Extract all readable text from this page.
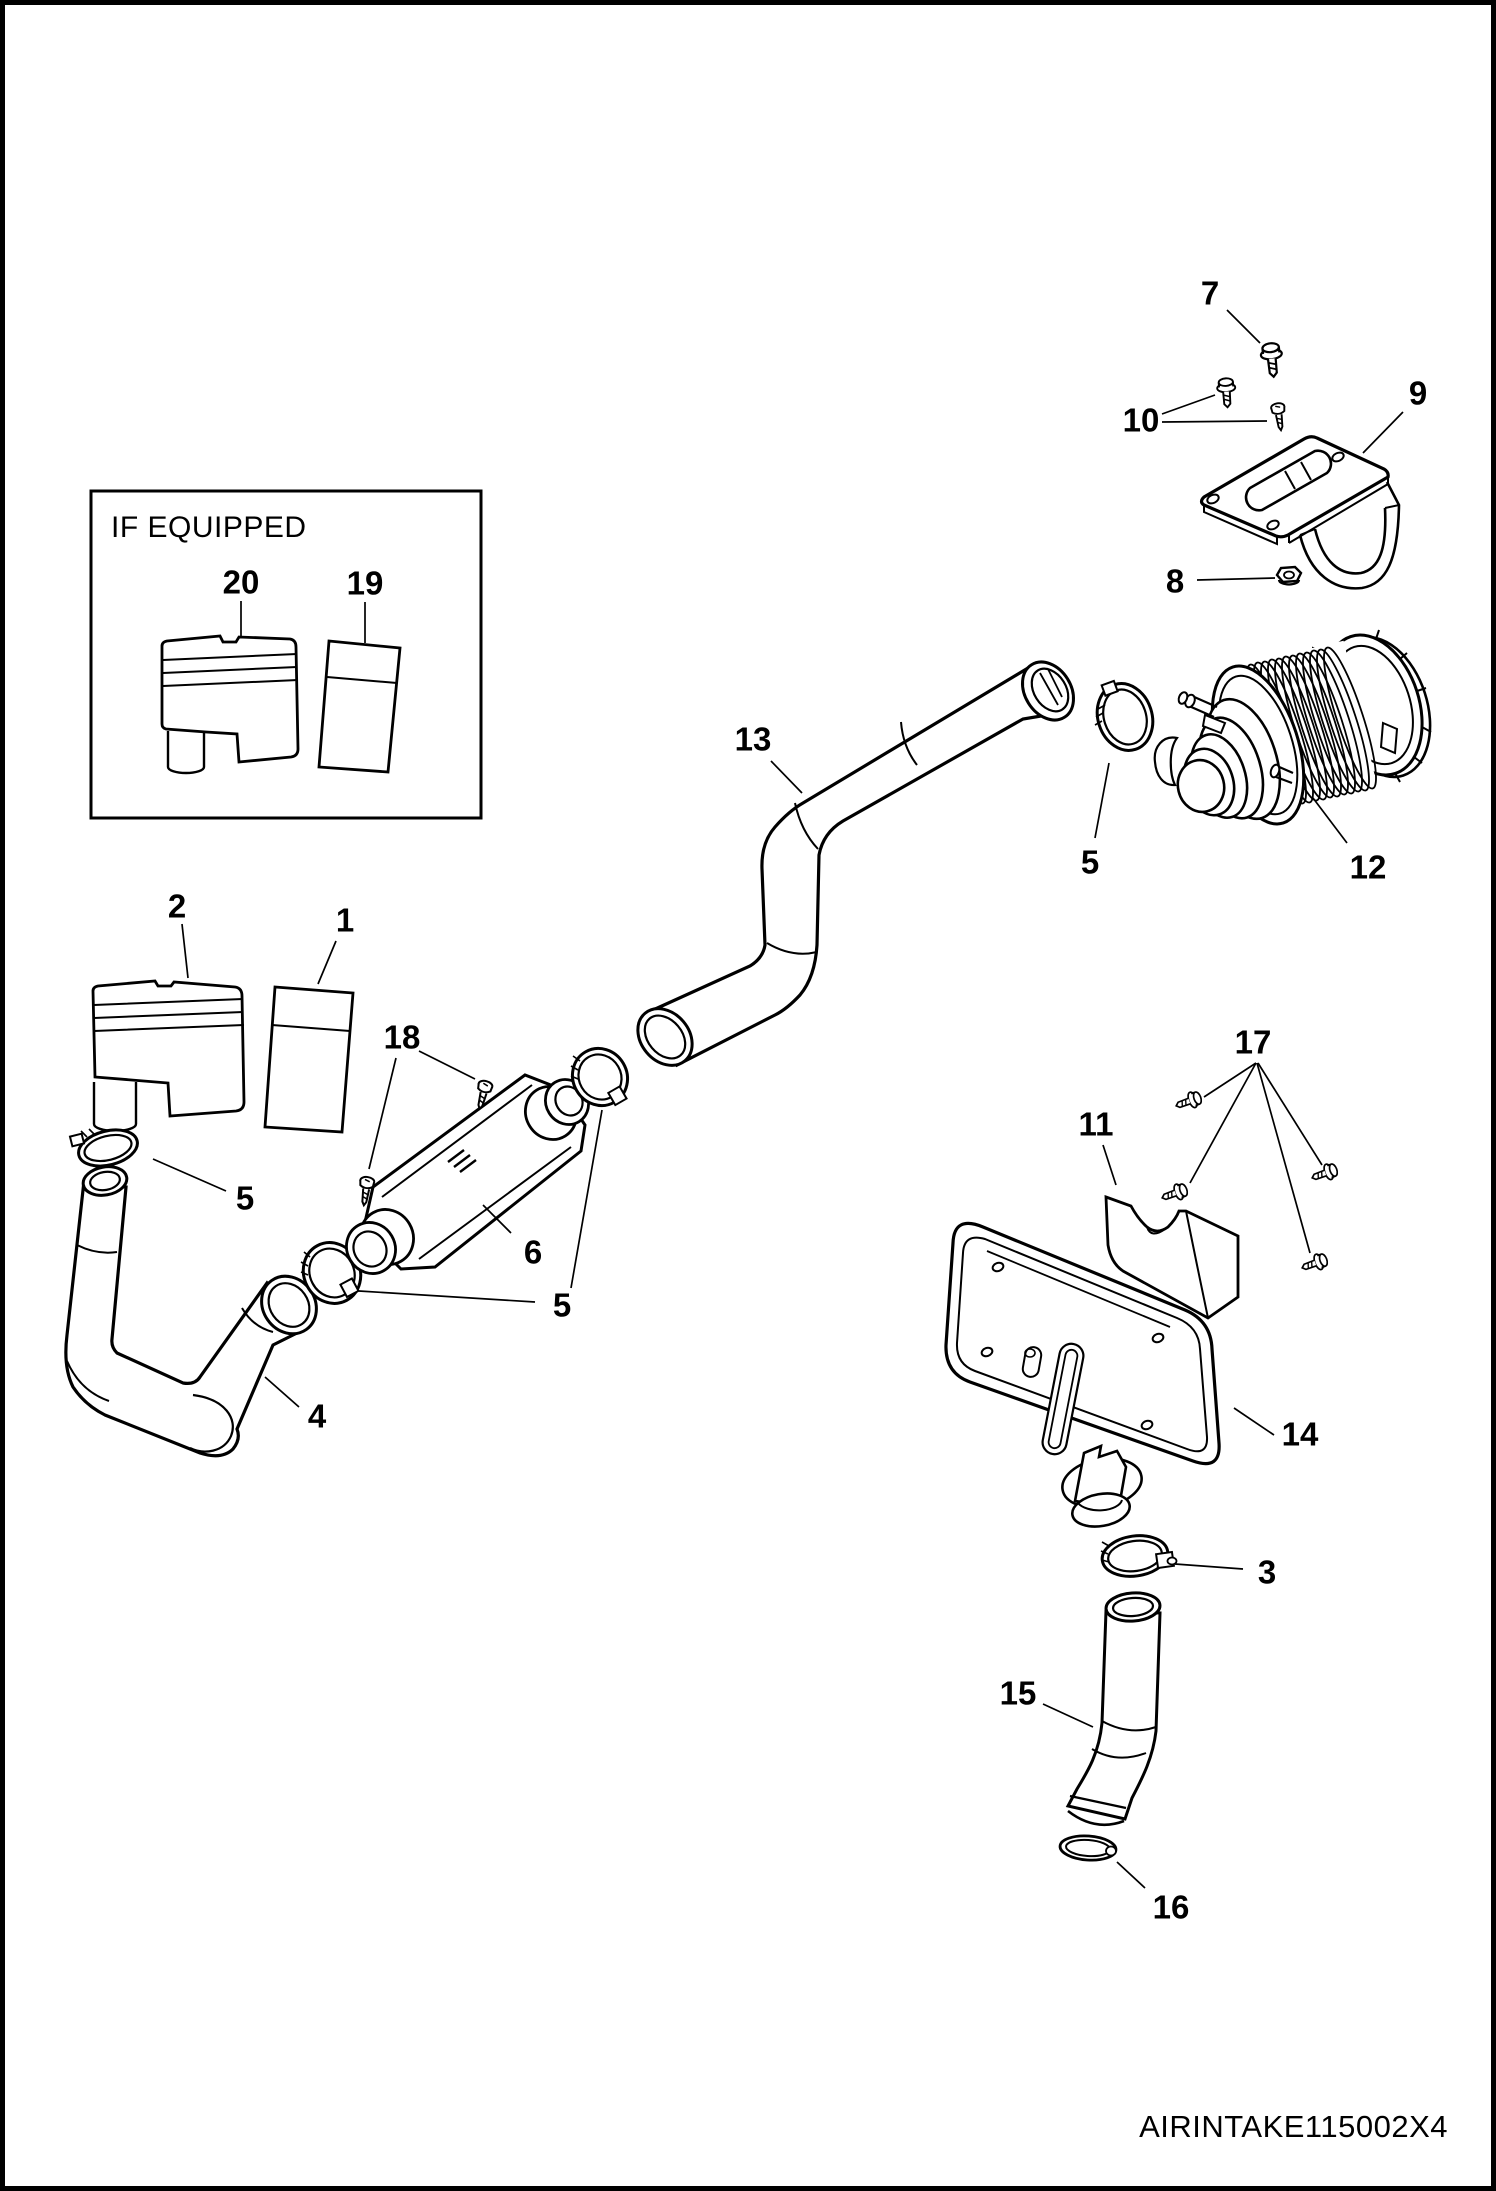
IF EQUIPPED
7
10
9
8
20	19
13
5	12
2	1
18	17
11
5
6
5
4	14
3
15
16
AIRINTAKE115002X4
